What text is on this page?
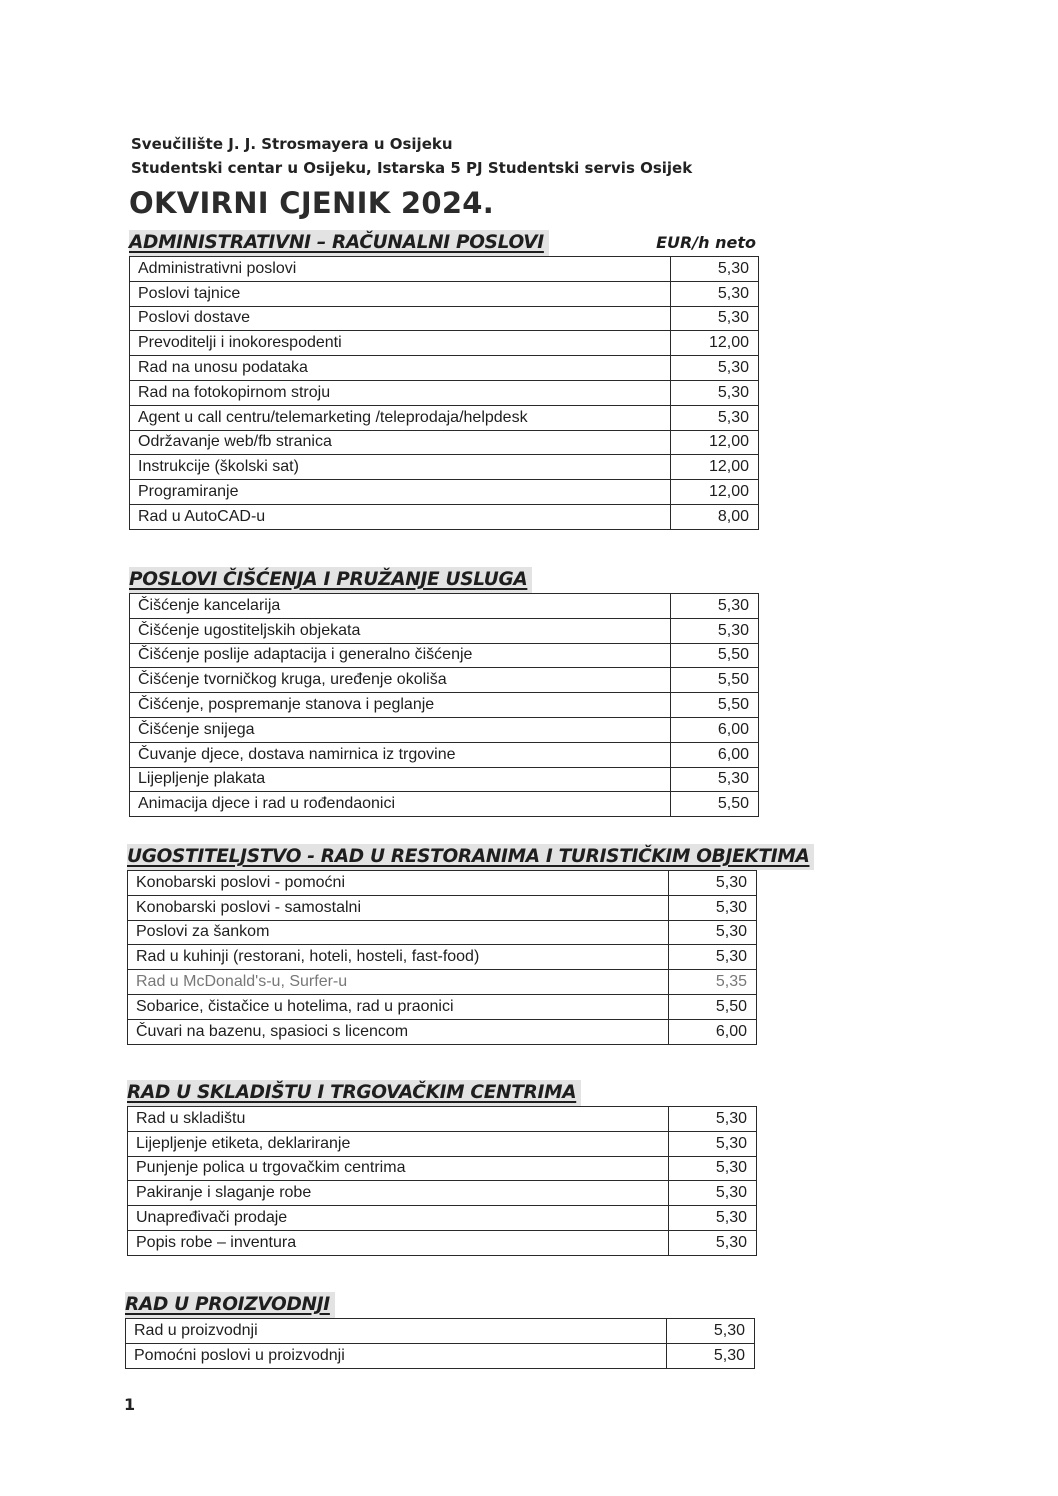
Sveučilište J. J. Strosmayera u Osijeku
Studentski centar u Osijeku, Istarska 5 PJ Studentski servis Osijek
OKVIRNI CJENIK 2024.
ADMINISTRATIVNI – RAČUNALNI POSLOVI	EUR/h neto
Administrativni poslovi	5,30
Poslovi tajnice	5,30
Poslovi dostave	5,30
Prevoditelji i inokorespodenti	12,00
Rad na unosu podataka	5,30
Rad na fotokopirnom stroju	5,30
Agent u call centru/telemarketing /teleprodaja/helpdesk	5,30
Održavanje web/fb stranica	12,00
Instrukcije (školski sat)	12,00
Programiranje	12,00
Rad u AutoCAD-u	8,00
POSLOVI ČIŠĆENJA I PRUŽANJE USLUGA
Čišćenje kancelarija	5,30
Čišćenje ugostiteljskih objekata	5,30
Čišćenje poslije adaptacija i generalno čišćenje	5,50
Čišćenje tvorničkog kruga, uređenje okoliša	5,50
Čišćenje, pospremanje stanova i peglanje	5,50
Čišćenje snijega	6,00
Čuvanje djece, dostava namirnica iz trgovine	6,00
Lijepljenje plakata	5,30
Animacija djece i rad u rođendaonici	5,50
UGOSTITELJSTVO - RAD U RESTORANIMA I TURISTIČKIM OBJEKTIMA
Konobarski poslovi - pomoćni	5,30
Konobarski poslovi - samostalni	5,30
Poslovi za šankom	5,30
Rad u kuhinji (restorani, hoteli, hosteli, fast-food)	5,30
Rad u McDonald's-u, Surfer-u	5,35
Sobarice, čistačice u hotelima, rad u praonici	5,50
Čuvari na bazenu, spasioci s licencom	6,00
RAD U SKLADIŠTU I TRGOVAČKIM CENTRIMA
Rad u skladištu	5,30
Lijepljenje etiketa, deklariranje	5,30
Punjenje polica u trgovačkim centrima	5,30
Pakiranje i slaganje robe	5,30
Unapređivači prodaje	5,30
Popis robe – inventura	5,30
RAD U PROIZVODNJI
Rad u proizvodnji	5,30
Pomoćni poslovi u proizvodnji	5,30
1
